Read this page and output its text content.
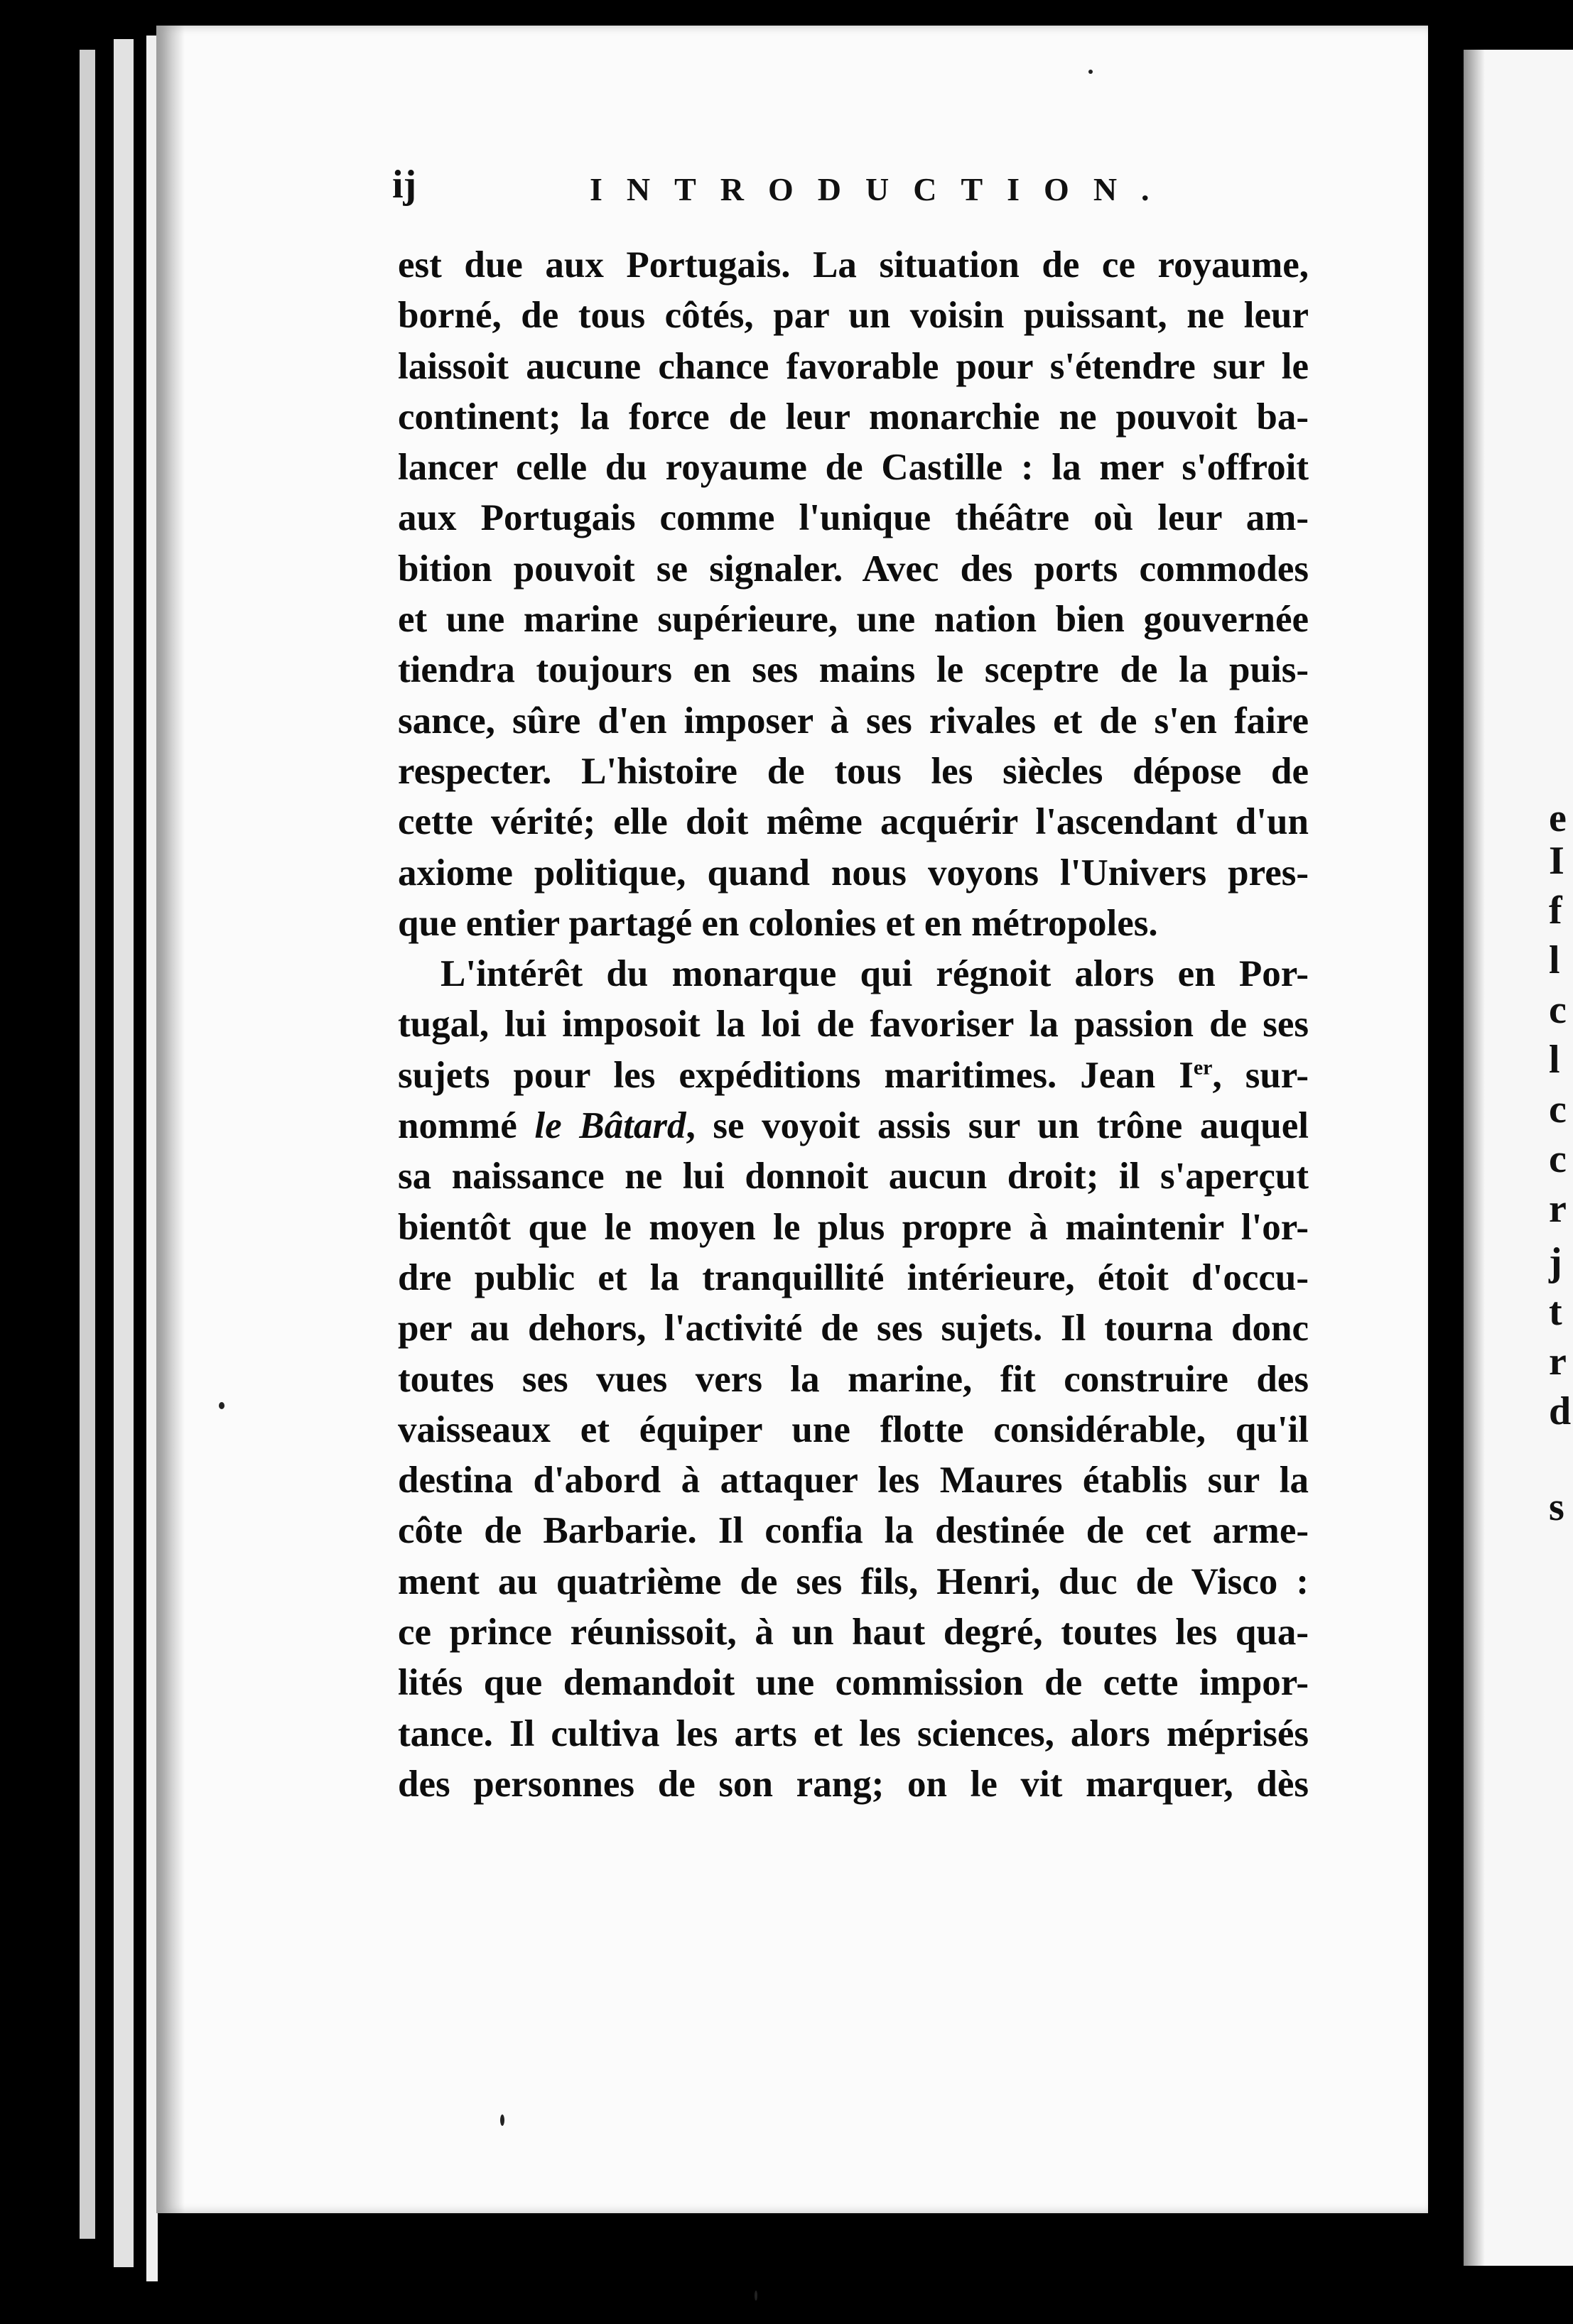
e
I
f
l
c
l
c
c
r
j
t
r
d
s
ij	INTRODUCTION.
est due aux Portugais. La situation de ce royaume,
borné, de tous côtés, par un voisin puissant, ne leur
laissoit aucune chance favorable pour s'étendre sur le
continent; la force de leur monarchie ne pouvoit ba-
lancer celle du royaume de Castille : la mer s'offroit
aux Portugais comme l'unique théâtre où leur am-
bition pouvoit se signaler. Avec des ports commodes
et une marine supérieure, une nation bien gouvernée
tiendra toujours en ses mains le sceptre de la puis-
sance, sûre d'en imposer à ses rivales et de s'en faire
respecter. L'histoire de tous les siècles dépose de
cette vérité; elle doit même acquérir l'ascendant d'un
axiome politique, quand nous voyons l'Univers pres-
que entier partagé en colonies et en métropoles.
L'intérêt du monarque qui régnoit alors en Por-
tugal, lui imposoit la loi de favoriser la passion de ses
sujets pour les expéditions maritimes. Jean Ier, sur-
nommé le Bâtard, se voyoit assis sur un trône auquel
sa naissance ne lui donnoit aucun droit; il s'aperçut
bientôt que le moyen le plus propre à maintenir l'or-
dre public et la tranquillité intérieure, étoit d'occu-
per au dehors, l'activité de ses sujets. Il tourna donc
toutes ses vues vers la marine, fit construire des
vaisseaux et équiper une flotte considérable, qu'il
destina d'abord à attaquer les Maures établis sur la
côte de Barbarie. Il confia la destinée de cet arme-
ment au quatrième de ses fils, Henri, duc de Visco :
ce prince réunissoit, à un haut degré, toutes les qua-
lités que demandoit une commission de cette impor-
tance. Il cultiva les arts et les sciences, alors méprisés
des personnes de son rang; on le vit marquer, dès
